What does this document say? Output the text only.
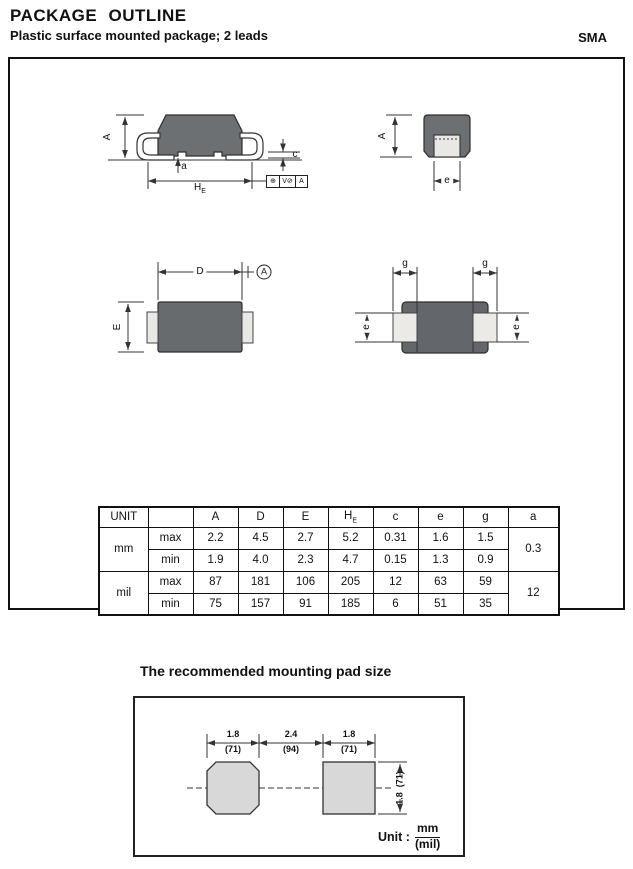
PACKAGE OUTLINE
Plastic surface mounted package; 2 leads	SMA
A
a
c
$H_E$
⊕ V⊘ A
A
e
D	A
E
g	g
e	e
UNIT		A	D	E	$H_E$	c	e	g	a
mm	max	2.2	4.5	2.7	5.2	0.31	1.6	1.5	0.3
	min	1.9	4.0	2.3	4.7	0.15	1.3	0.9	
mil	max	87	181	106	205	12	63	59	12
	min	75	157	91	185	6	51	35	
The recommended mounting pad size
1.8
(71)
2.4
(94)
1.8
(71)
1.8
(71)
Unit : $\frac{mm}{\text{(mil)}}$
